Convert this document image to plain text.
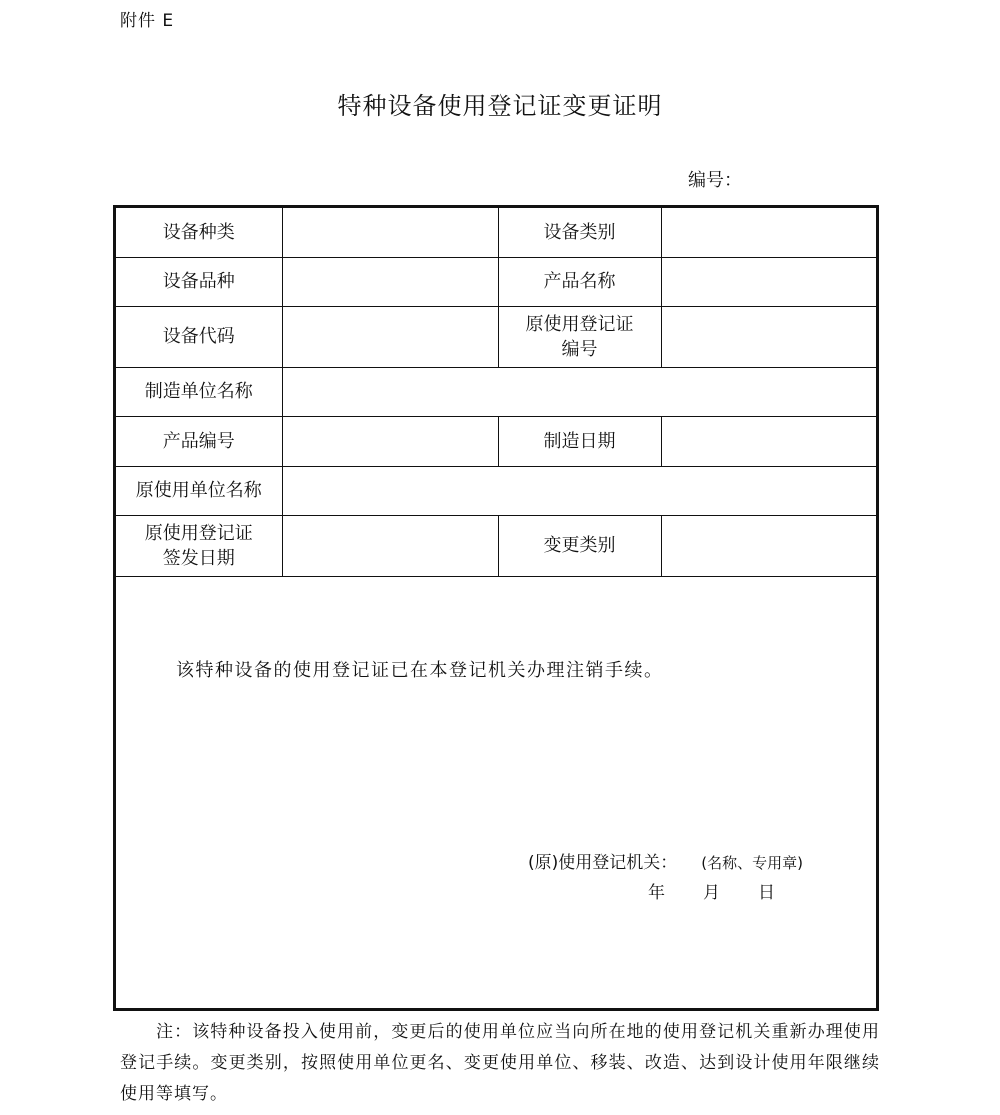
附件 E
特种设备使用登记证变更证明
编号：
设备种类		设备类别	
设备品种		产品名称	
设备代码		原使用登记证
编号	

制造单位名称			
产品编号		制造日期	
原使用单位名称			

原使用登记证
签发日期		变更类别	
该特种设备的使用登记证已在本登记机关办理注销手续。
(原)使用登记机关： (名称、专用章)
年 月 日
注：该特种设备投入使用前，变更后的使用单位应当向所在地的使用登记机关重新办理使用登记手续。变更类别，按照使用单位更名、变更使用单位、移装、改造、达到设计使用年限继续使用等填写。
